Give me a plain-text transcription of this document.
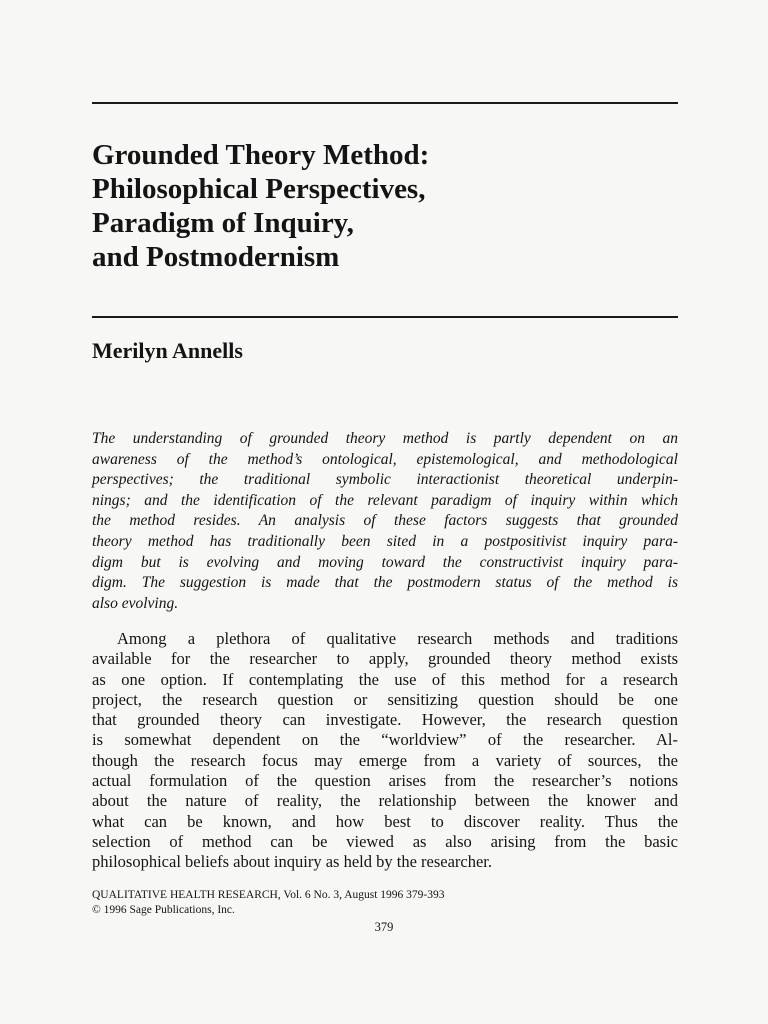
Grounded Theory Method:
Philosophical Perspectives,
Paradigm of Inquiry,
and Postmodernism
Merilyn Annells

The understanding of grounded theory method is partly dependent on an
awareness of the method’s ontological, epistemological, and methodological
perspectives; the traditional symbolic interactionist theoretical underpin-
nings; and the identification of the relevant paradigm of inquiry within which
the method resides. An analysis of these factors suggests that grounded
theory method has traditionally been sited in a postpositivist inquiry para-
digm but is evolving and moving toward the constructivist inquiry para-
digm. The suggestion is made that the postmodern status of the method is
also evolving.

Among a plethora of qualitative research methods and traditions
available for the researcher to apply, grounded theory method exists
as one option. If contemplating the use of this method for a research
project, the research question or sensitizing question should be one
that grounded theory can investigate. However, the research question
is somewhat dependent on the “worldview” of the researcher. Al-
though the research focus may emerge from a variety of sources, the
actual formulation of the question arises from the researcher’s notions
about the nature of reality, the relationship between the knower and
what can be known, and how best to discover reality. Thus the
selection of method can be viewed as also arising from the basic
philosophical beliefs about inquiry as held by the researcher.

QUALITATIVE HEALTH RESEARCH, Vol. 6 No. 3, August 1996 379-393
© 1996 Sage Publications, Inc.

379
